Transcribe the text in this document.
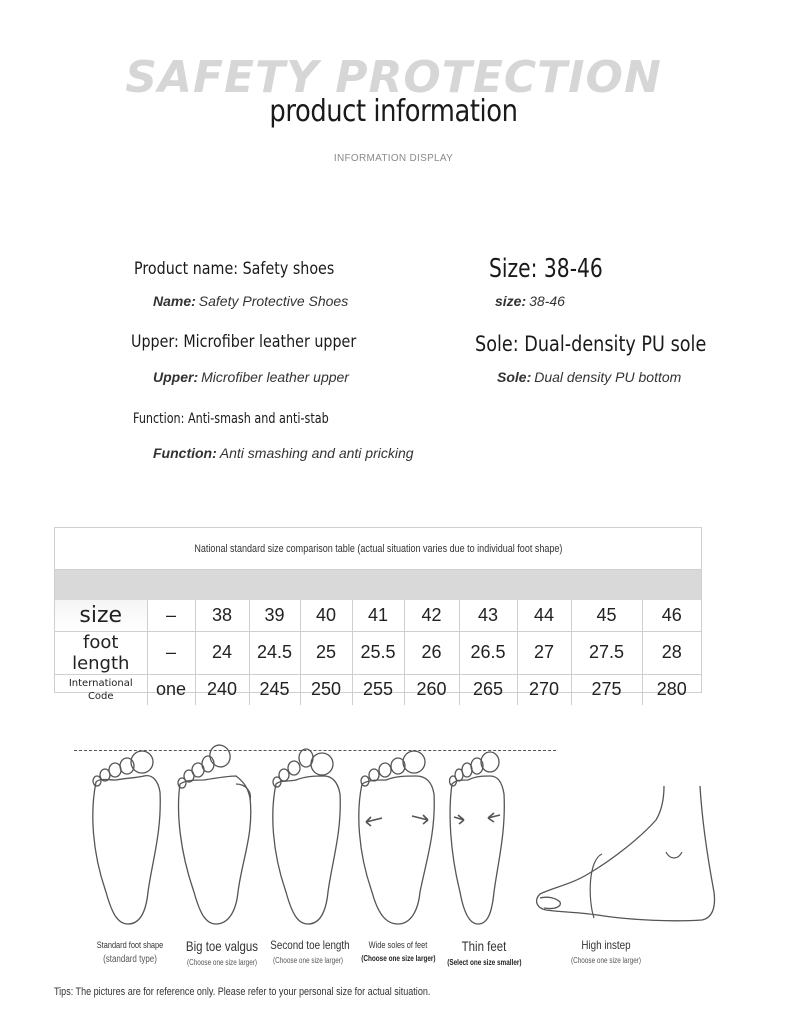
SAFETY PROTECTION
product information
INFORMATION DISPLAY
Product name: Safety shoes
Name: Safety Protective Shoes
Size: 38-46
size: 38-46
Upper: Microfiber leather upper
Upper: Microfiber leather upper
Sole: Dual-density PU sole
Sole: Dual density PU bottom
Function: Anti-smash and anti-stab
Function: Anti smashing and anti pricking
National standard size comparison table (actual situation varies due to individual foot shape)
size	–	38	39	40	41	42	43	44	45	46
foot length	–	24	24.5	25	25.5	26	26.5	27	27.5	28
International Code	one	240	245	250	255	260	265	270	275	280
Standard foot shape
(standard type)
Big toe valgus
(Choose one size larger)
Second toe length
(Choose one size larger)
Wide soles of feet
(Choose one size larger)
Thin feet
(Select one size smaller)
High instep
(Choose one size larger)
Tips: The pictures are for reference only. Please refer to your personal size for actual situation.
